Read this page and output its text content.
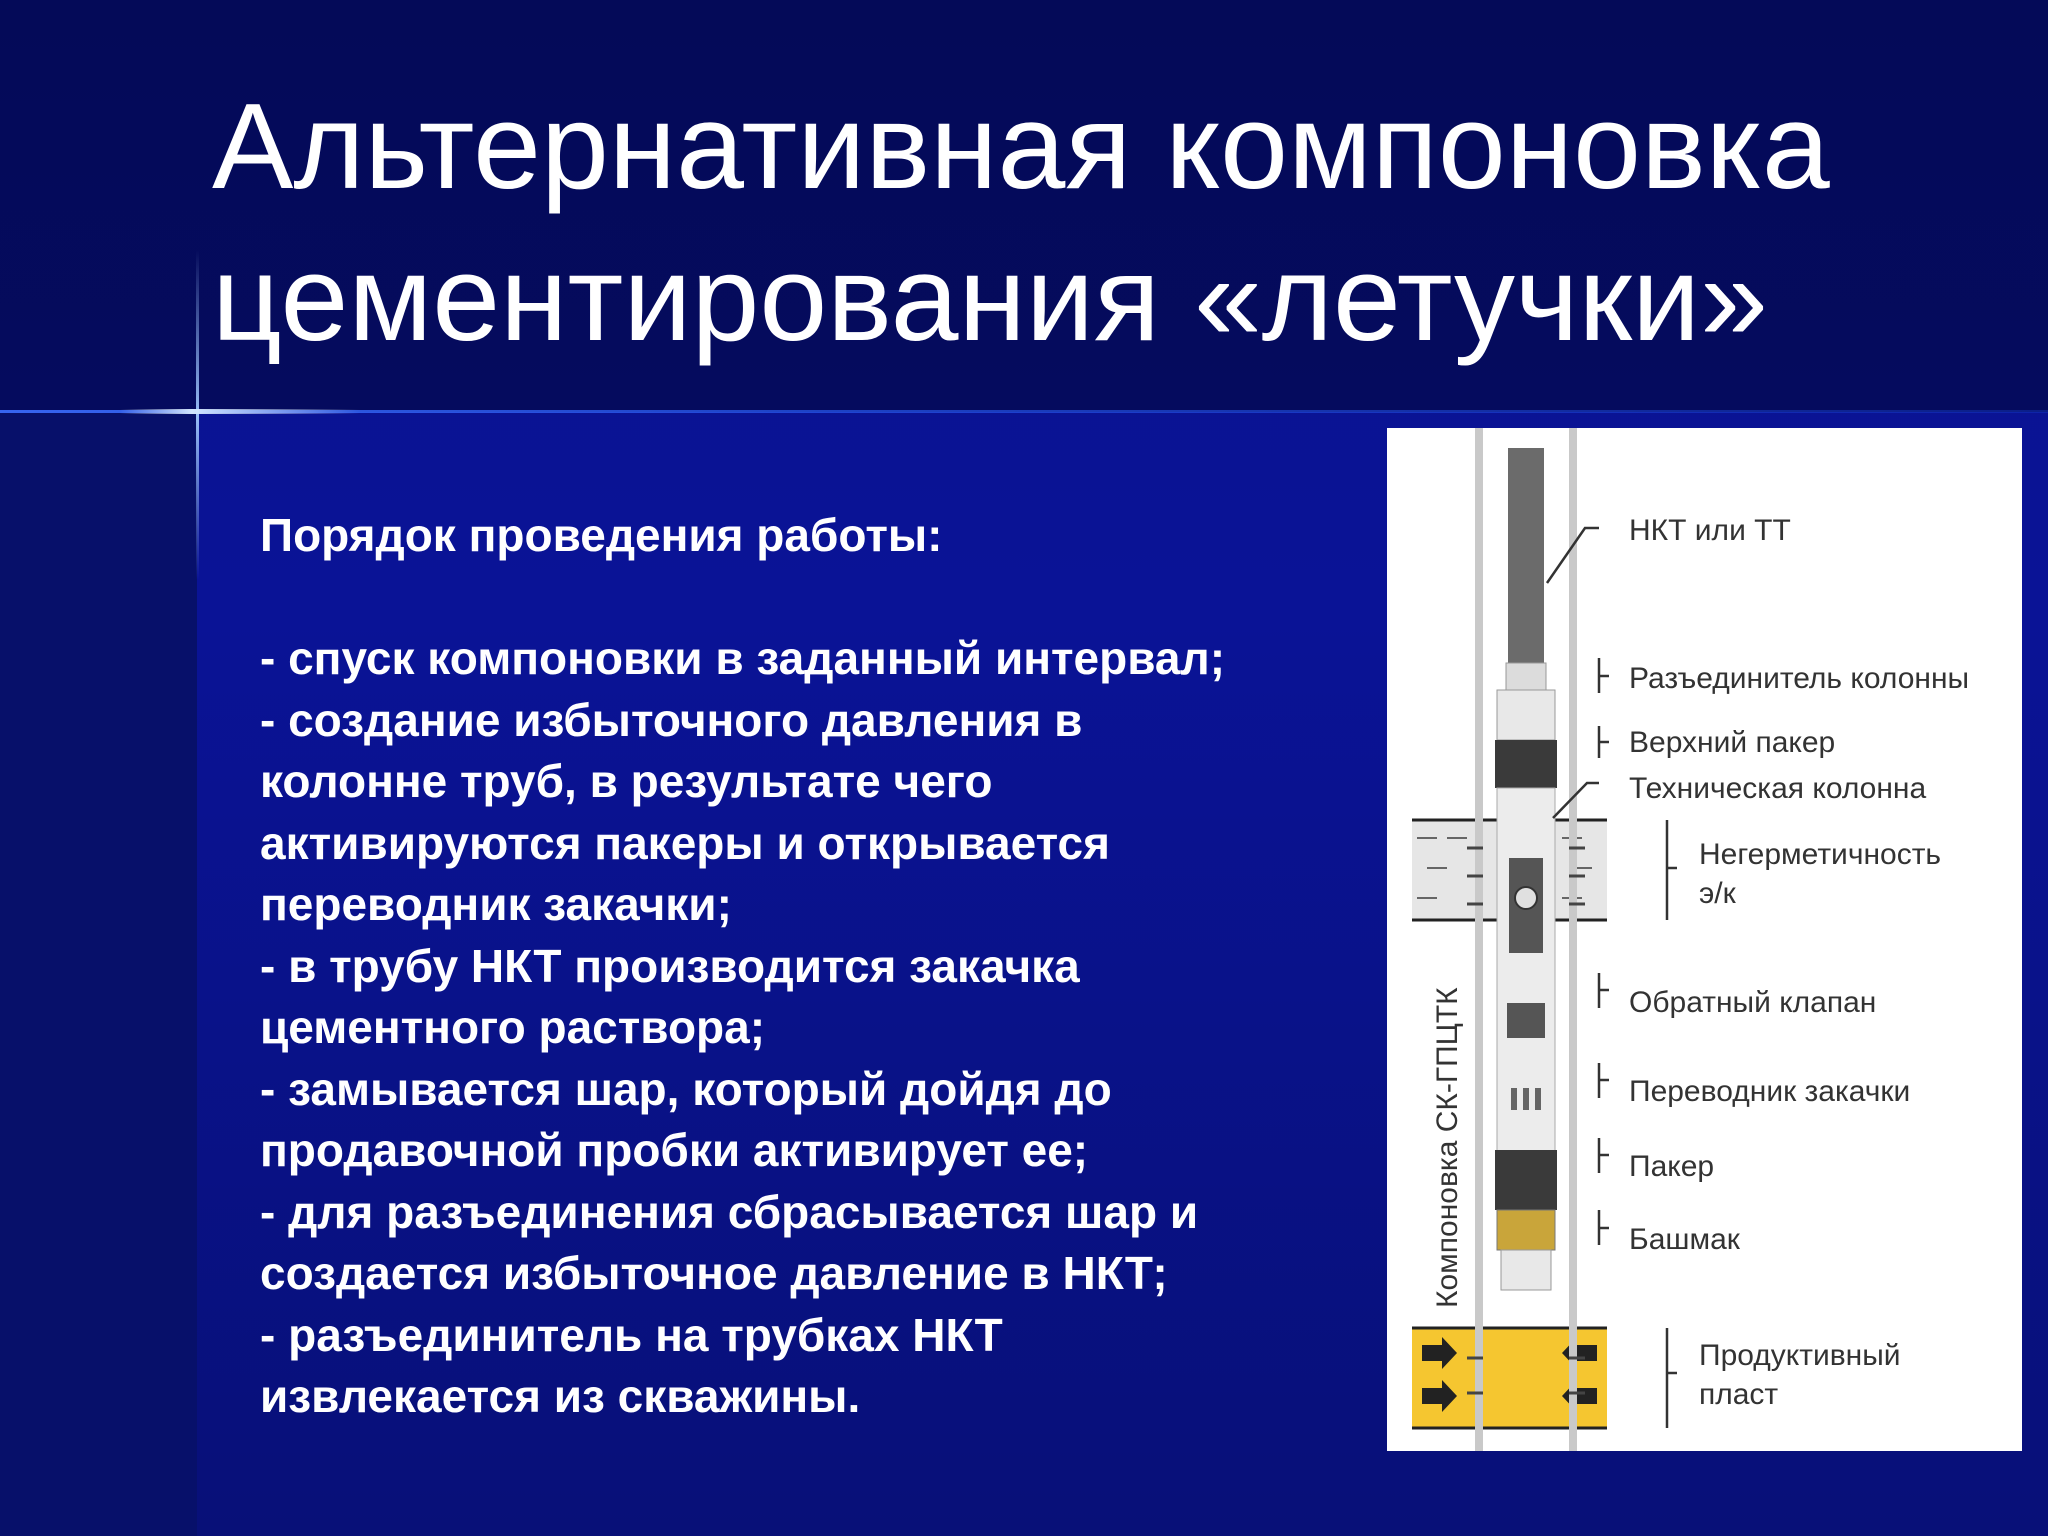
Альтернативная компоновка
цементирования «летучки»
Порядок проведения работы:

- спуск компоновки в заданный интервал;
- создание избыточного давления в
колонне труб, в результате чего
активируются пакеры и открывается
переводник закачки;
- в трубу НКТ производится закачка
цементного раствора;
- замывается шар, который дойдя до
продавочной пробки активирует ее;
- для разъединения сбрасывается шар и
создается избыточное давление в НКТ;
- разъединитель на трубках НКТ
извлекается из скважины.
Компоновка СК-ГПЦТК
НКТ или ТТ
Разъединитель колонны
Верхний пакер
Техническая колонна
Негерметичность
э/к
Обратный клапан
Переводник закачки
Пакер
Башмак
Продуктивный
пласт
